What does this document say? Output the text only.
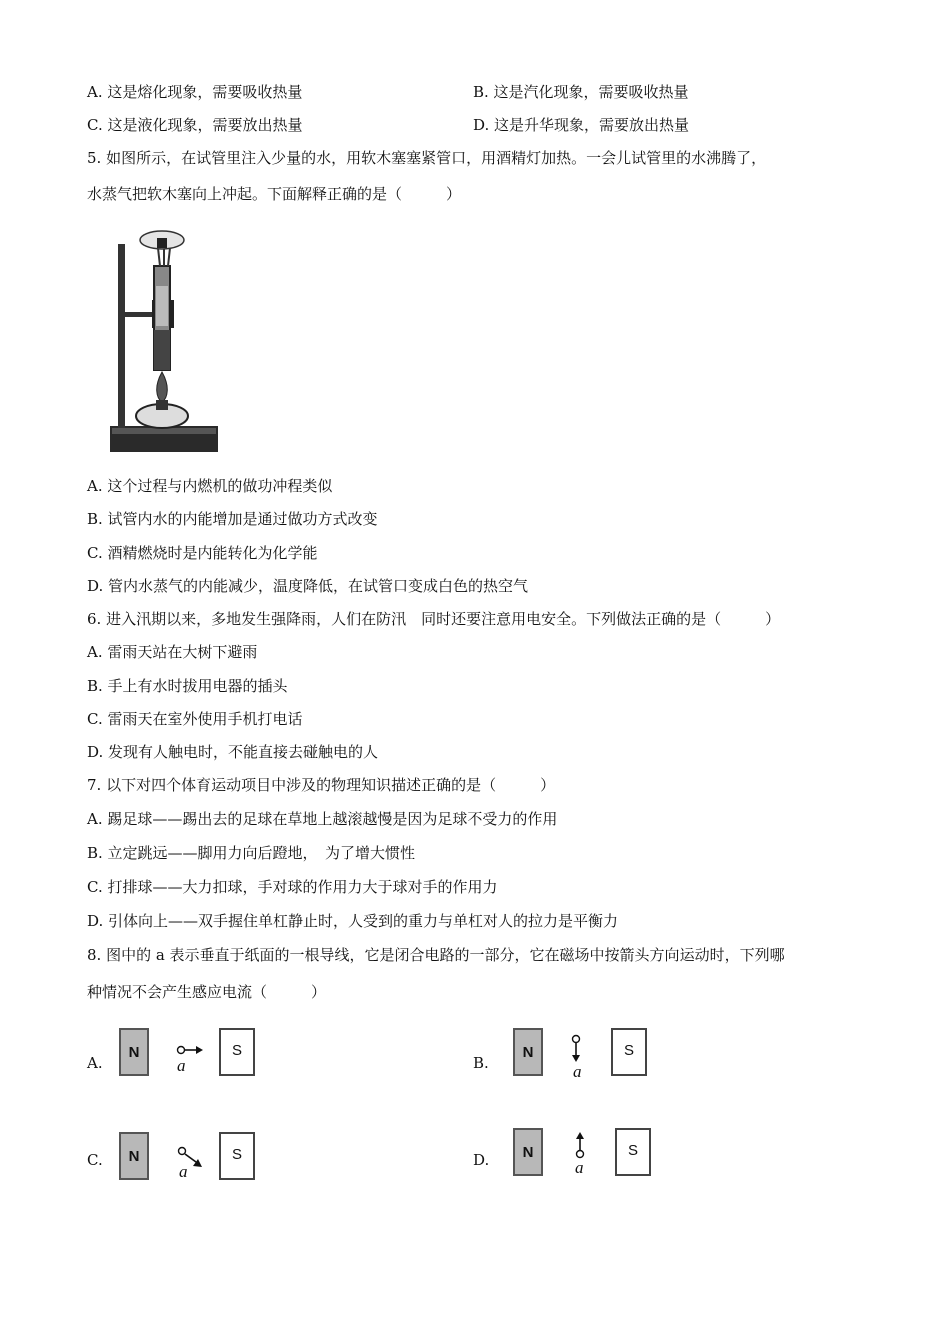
A. 这是熔化现象，需要吸收热量	B. 这是汽化现象，需要吸收热量
C. 这是液化现象，需要放出热量	D. 这是升华现象，需要放出热量
5. 如图所示，在试管里注入少量的水，用软木塞塞紧管口，用酒精灯加热。一会儿试管里的水沸腾了，
水蒸气把软木塞向上冲起。下面解释正确的是（	）
A. 这个过程与内燃机的做功冲程类似
B. 试管内水的内能增加是通过做功方式改变
C. 酒精燃烧时是内能转化为化学能
D. 管内水蒸气的内能减少，温度降低，在试管口变成白色的热空气
6. 进入汛期以来，多地发生强降雨，人们在防汛　同时还要注意用电安全。下列做法正确的是（	）
A. 雷雨天站在大树下避雨
B. 手上有水时拔用电器的插头
C. 雷雨天在室外使用手机打电话
D. 发现有人触电时，不能直接去碰触电的人
7. 以下对四个体育运动项目中涉及的物理知识描述正确的是（	）
A. 踢足球——踢出去的足球在草地上越滚越慢是因为足球不受力的作用
B. 立定跳远——脚用力向后蹬地，　为了增大惯性
C. 打排球——大力扣球，手对球的作用力大于球对手的作用力
D. 引体向上——双手握住单杠静止时，人受到的重力与单杠对人的拉力是平衡力
8. 图中的 a 表示垂直于纸面的一根导线，它是闭合电路的一部分，它在磁场中按箭头方向运动时，下列哪
种情况不会产生感应电流（	）
A.
N
a
S
B.
N
a
S
C.	N
a
S	D.	N
a
S
